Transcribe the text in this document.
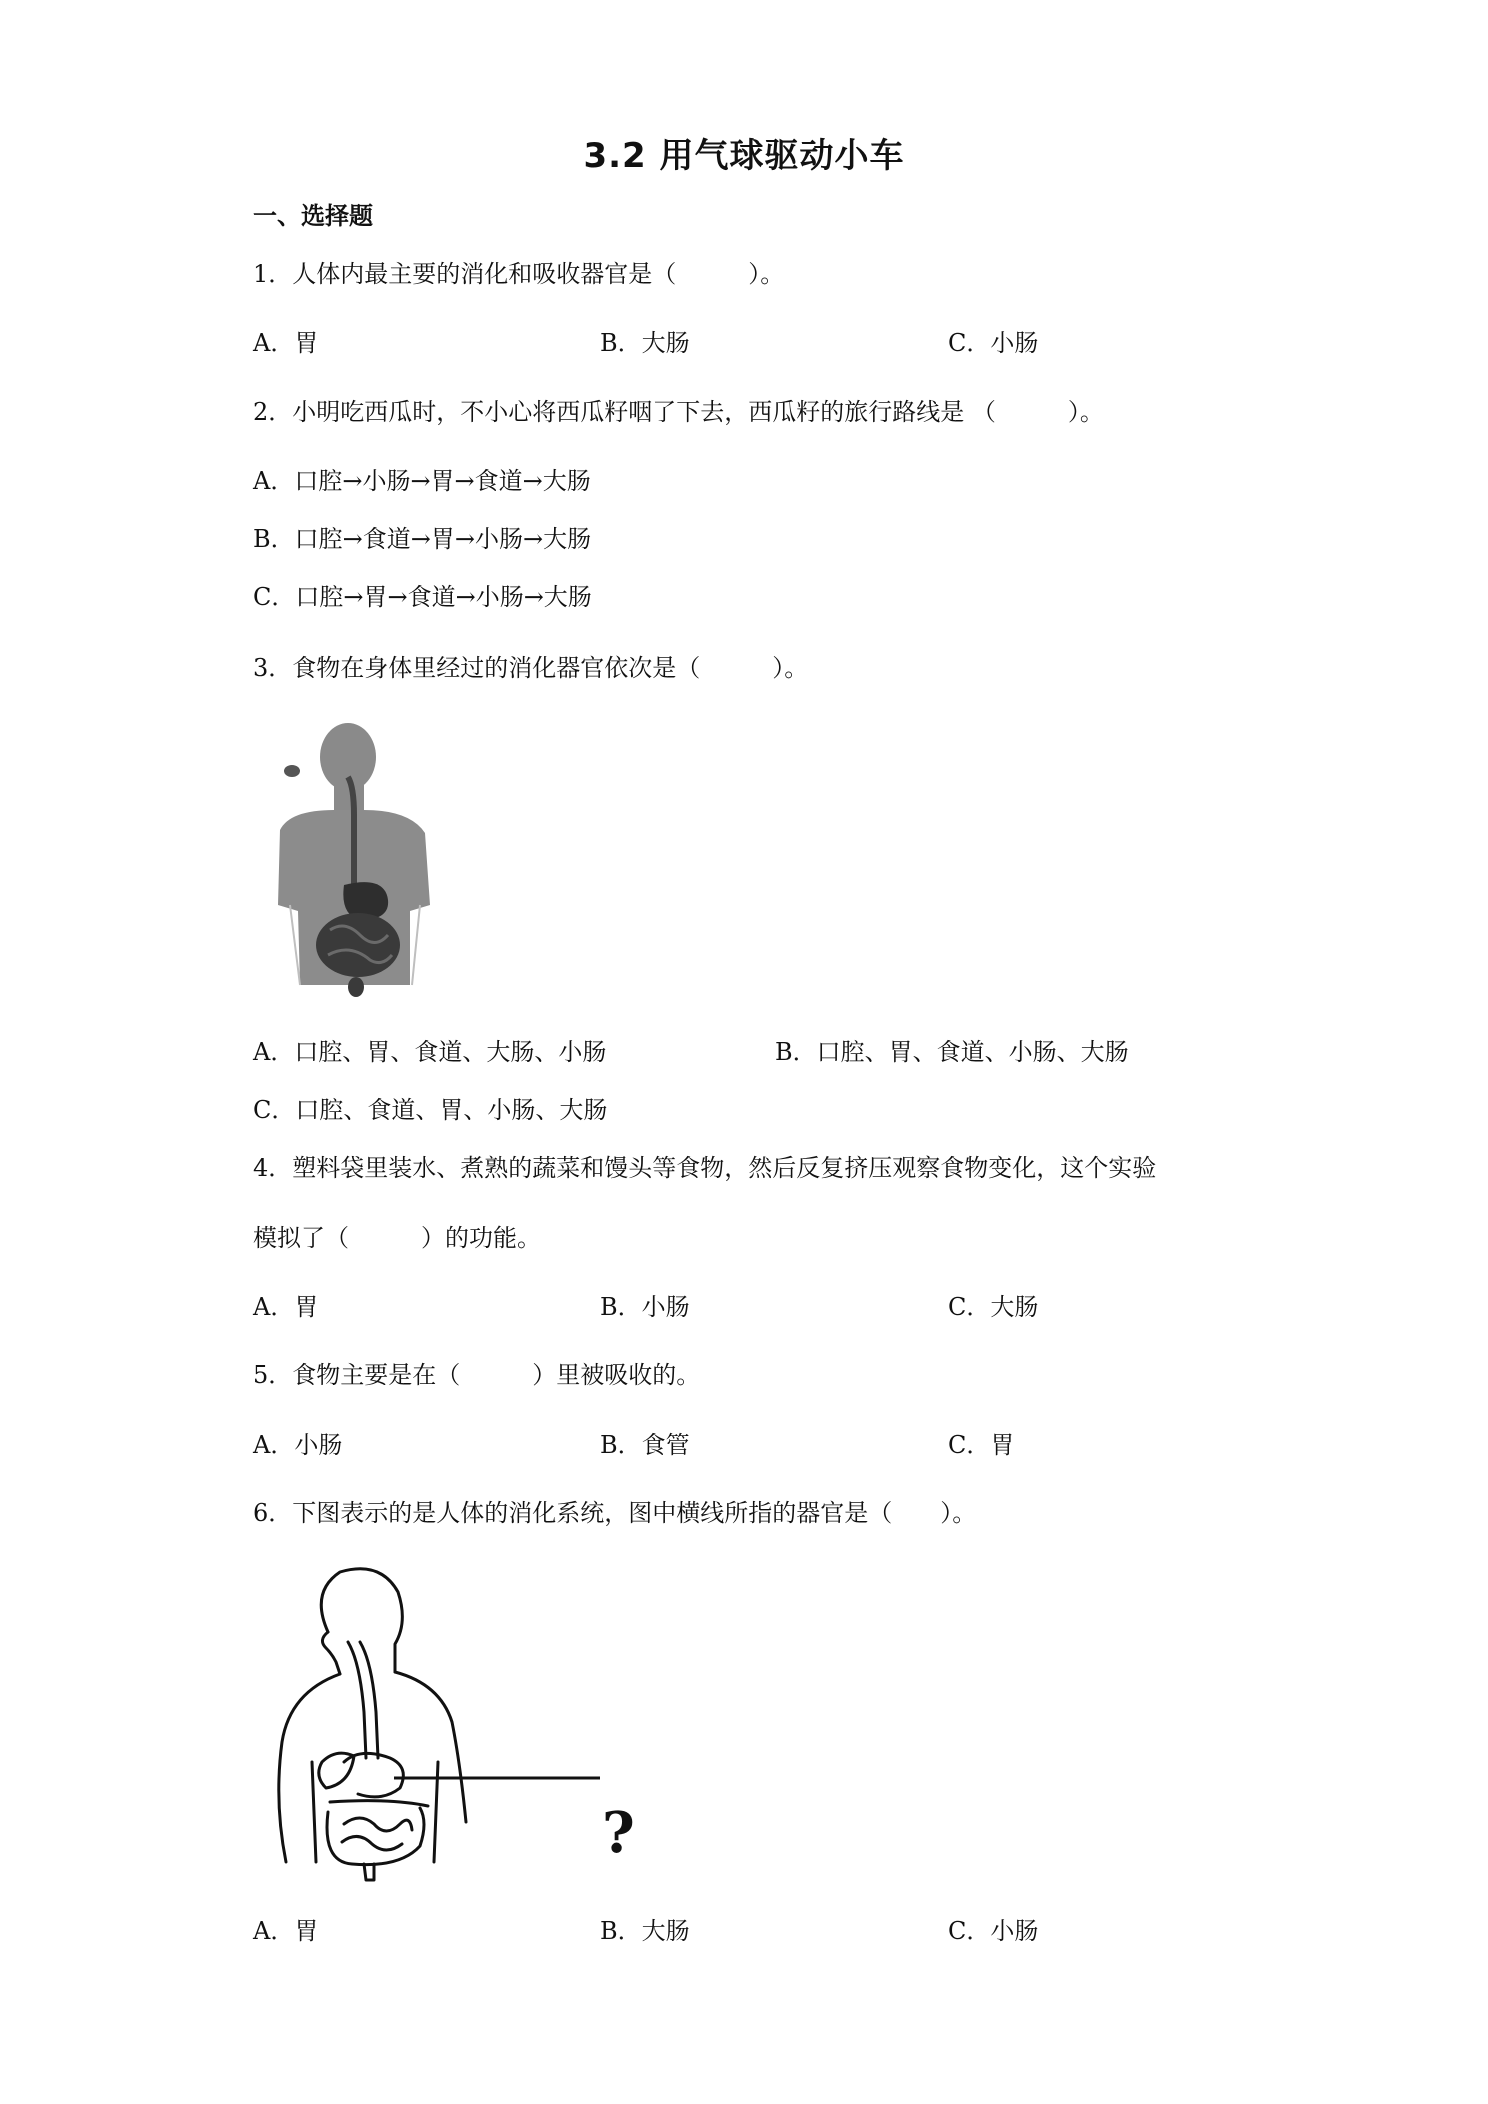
3.2 用气球驱动小车
一、选择题
1．人体内最主要的消化和吸收器官是（　　　）。
A．胃	B．大肠	C．小肠
2．小明吃西瓜时，不小心将西瓜籽咽了下去，西瓜籽的旅行路线是 （　　　）。
A．口腔→小肠→胃→食道→大肠
B．口腔→食道→胃→小肠→大肠
C．口腔→胃→食道→小肠→大肠
3．食物在身体里经过的消化器官依次是（　　　）。
A．口腔、胃、食道、大肠、小肠	B．口腔、胃、食道、小肠、大肠
C．口腔、食道、胃、小肠、大肠
4．塑料袋里装水、煮熟的蔬菜和馒头等食物，然后反复挤压观察食物变化，这个实验
模拟了（　　　）的功能。
A．胃	B．小肠	C．大肠
5．食物主要是在（　　　）里被吸收的。
A．小肠	B．食管	C．胃
6．下图表示的是人体的消化系统，图中横线所指的器官是（　　）。
?
A．胃	B．大肠	C．小肠
